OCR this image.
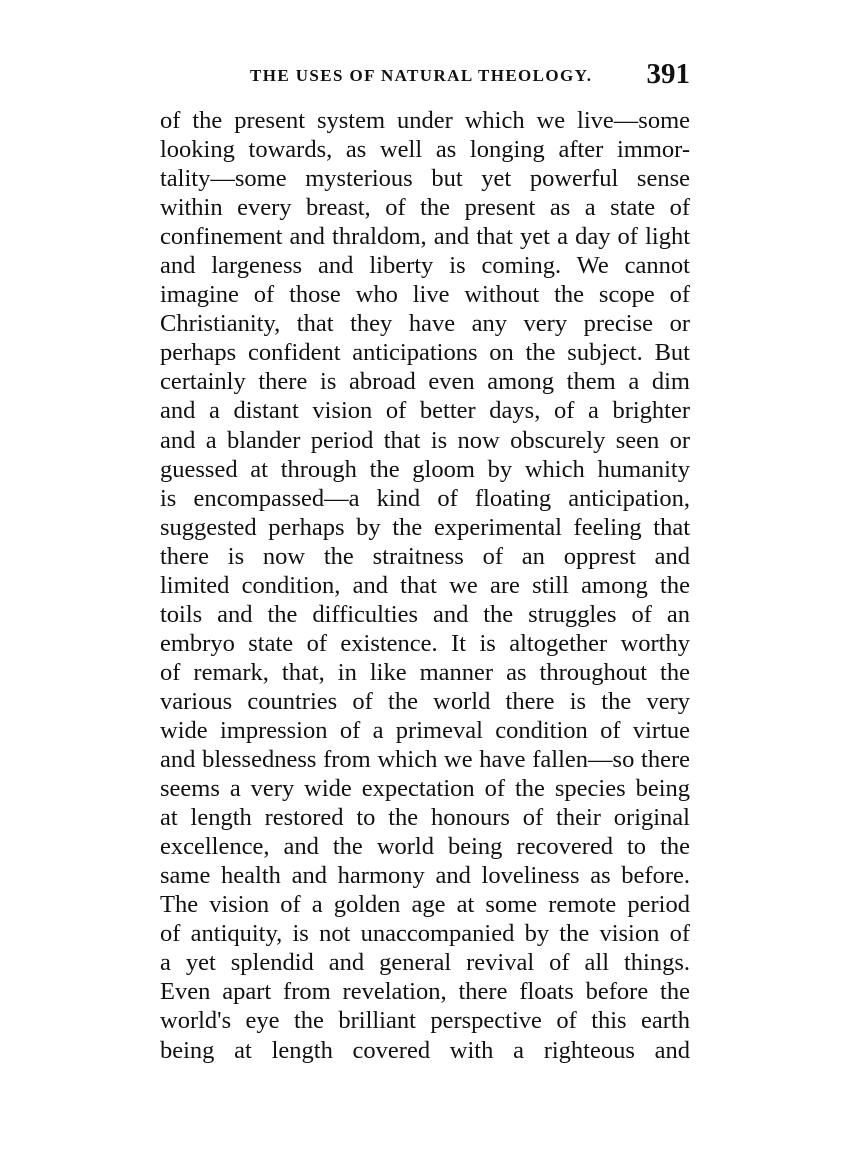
THE USES OF NATURAL THEOLOGY. 391
of the present system under which we live—some
looking towards, as well as longing after immor-
tality—some mysterious but yet powerful sense
within every breast, of the present as a state of
confinement and thraldom, and that yet a day of light
and largeness and liberty is coming. We cannot
imagine of those who live without the scope of
Christianity, that they have any very precise or
perhaps confident anticipations on the subject. But
certainly there is abroad even among them a dim
and a distant vision of better days, of a brighter
and a blander period that is now obscurely seen or
guessed at through the gloom by which humanity
is encompassed—a kind of floating anticipation,
suggested perhaps by the experimental feeling that
there is now the straitness of an opprest and
limited condition, and that we are still among the
toils and the difficulties and the struggles of an
embryo state of existence. It is altogether worthy
of remark, that, in like manner as throughout the
various countries of the world there is the very
wide impression of a primeval condition of virtue
and blessedness from which we have fallen—so there
seems a very wide expectation of the species being
at length restored to the honours of their original
excellence, and the world being recovered to the
same health and harmony and loveliness as before.
The vision of a golden age at some remote period
of antiquity, is not unaccompanied by the vision of
a yet splendid and general revival of all things.
Even apart from revelation, there floats before the
world's eye the brilliant perspective of this earth
being at length covered with a righteous and
